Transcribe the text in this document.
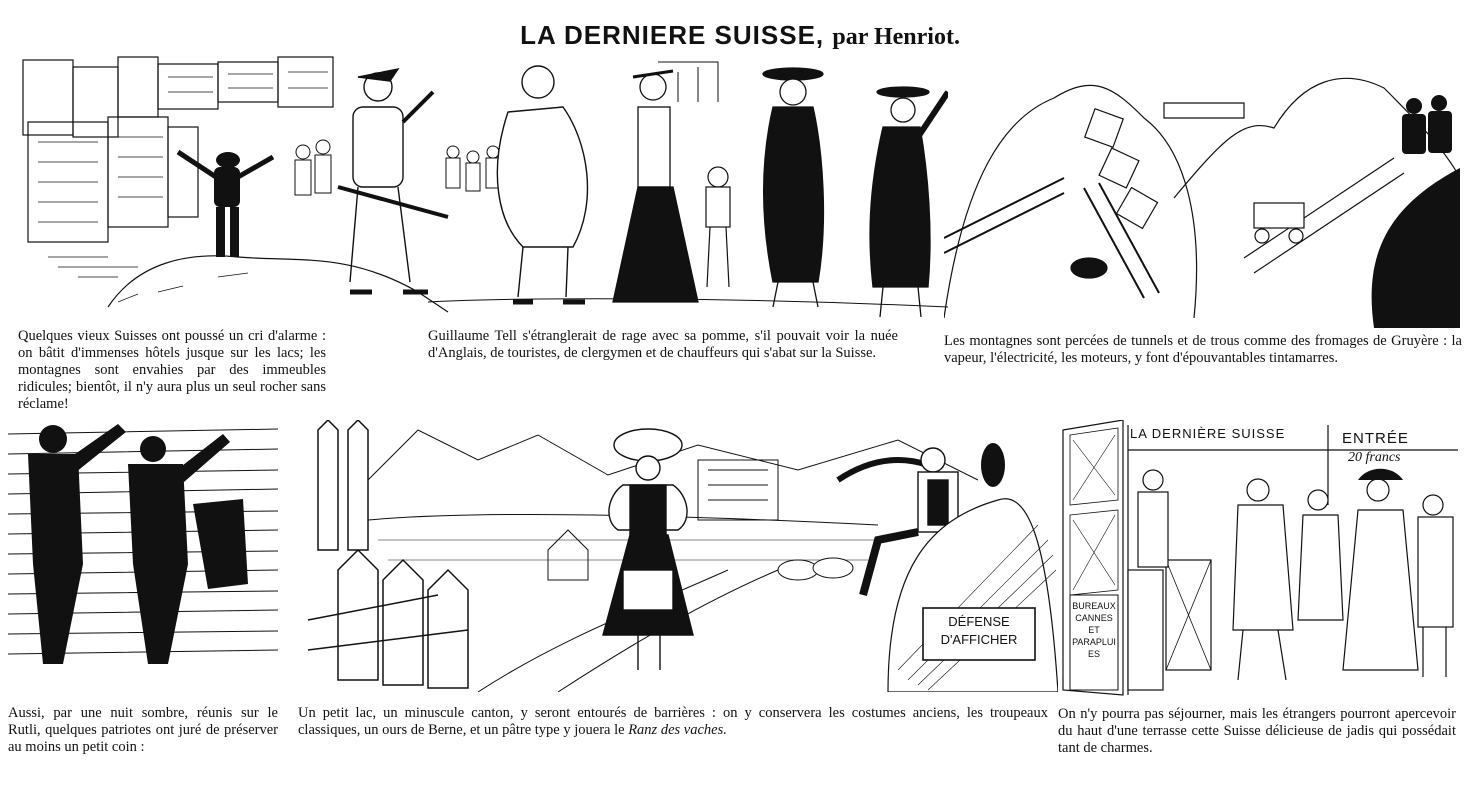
LA DERNIERE SUISSE, par Henriot.
Quelques vieux Suisses ont poussé un cri d'alarme : on bâtit d'immenses hôtels jusque sur les lacs; les montagnes sont envahies par des immeubles ridicules; bientôt, il n'y aura plus un seul rocher sans réclame!
Guillaume Tell s'étranglerait de rage avec sa pomme, s'il pouvait voir la nuée d'Anglais, de touristes, de clergymen et de chauffeurs qui s'abat sur la Suisse.
Les montagnes sont percées de tunnels et de trous comme des fromages de Gruyère : la vapeur, l'électricité, les moteurs, y font d'épouvantables tintamarres.
Aussi, par une nuit sombre, réunis sur le Rutli, quelques patriotes ont juré de préserver au moins un petit coin :
DÉFENSE D'AFFICHER
Un petit lac, un minuscule canton, y seront entourés de barrières : on y conservera les costumes anciens, les troupeaux classiques, un ours de Berne, et un pâtre type y jouera le Ranz des vaches.
LA DERNIÈRE SUISSE	ENTRÉE
20 francs
BUREAUX CANNES ET PARAPLUIES
On n'y pourra pas séjourner, mais les étrangers pourront apercevoir du haut d'une terrasse cette Suisse délicieuse de jadis qui possédait tant de charmes.
